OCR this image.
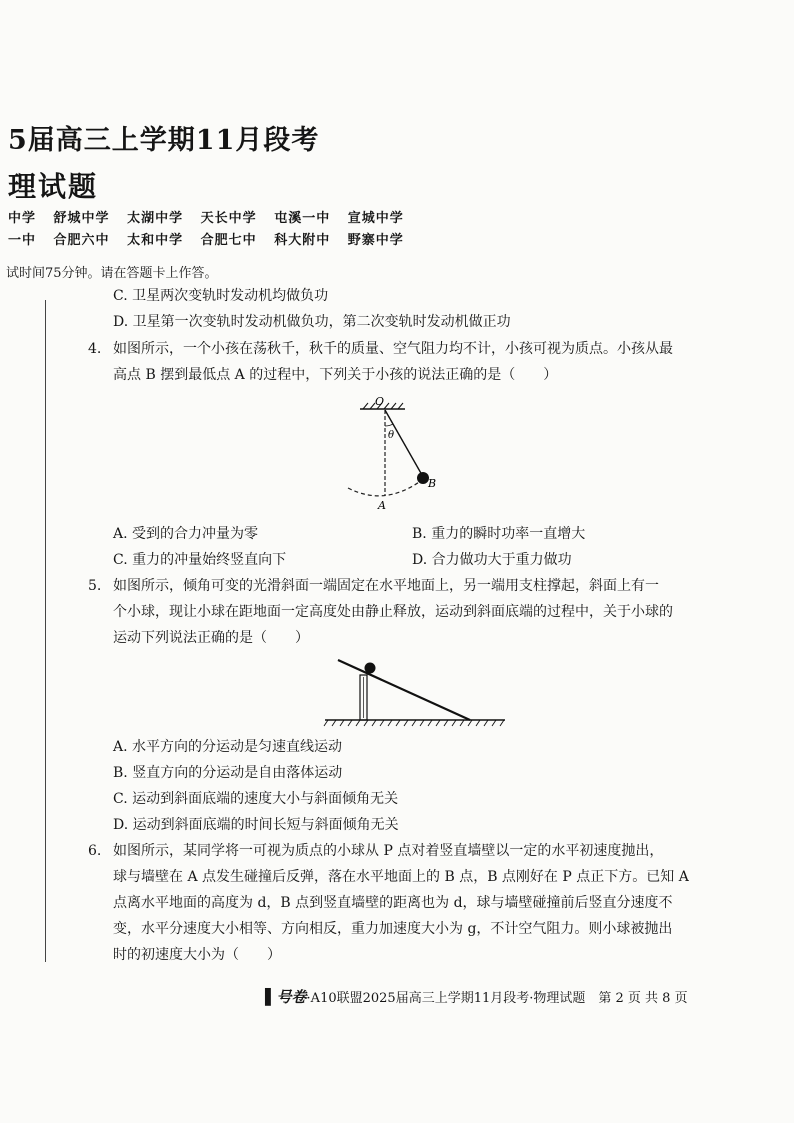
5届高三上学期11月段考
理试题
中学 舒城中学 太湖中学 天长中学 屯溪一中 宣城中学
一中 合肥六中 太和中学 合肥七中 科大附中 野寨中学
试时间75分钟。请在答题卡上作答。
C. 卫星两次变轨时发动机均做负功
D. 卫星第一次变轨时发动机做负功，第二次变轨时发动机做正功
4. 如图所示，一个小孩在荡秋千，秋千的质量、空气阻力均不计，小孩可视为质点。小孩从最
高点 B 摆到最低点 A 的过程中，下列关于小孩的说法正确的是（　　）
O
θ
B
A
A. 受到的合力冲量为零	B. 重力的瞬时功率一直增大
C. 重力的冲量始终竖直向下	D. 合力做功大于重力做功
5. 如图所示，倾角可变的光滑斜面一端固定在水平地面上，另一端用支柱撑起，斜面上有一
个小球，现让小球在距地面一定高度处由静止释放，运动到斜面底端的过程中，关于小球的
运动下列说法正确的是（　　）
A. 水平方向的分运动是匀速直线运动
B. 竖直方向的分运动是自由落体运动
C. 运动到斜面底端的速度大小与斜面倾角无关
D. 运动到斜面底端的时间长短与斜面倾角无关
6. 如图所示，某同学将一可视为质点的小球从 P 点对着竖直墙壁以一定的水平初速度抛出，
球与墙壁在 A 点发生碰撞后反弹，落在水平地面上的 B 点，B 点刚好在 P 点正下方。已知 A
点离水平地面的高度为 d，B 点到竖直墙壁的距离也为 d，球与墙壁碰撞前后竖直分速度不
变，水平分速度大小相等、方向相反，重力加速度大小为 g，不计空气阻力。则小球被抛出
时的初速度大小为（　　）
▌号卷·A10联盟2025届高三上学期11月段考·物理试题　第 2 页 共 8 页
